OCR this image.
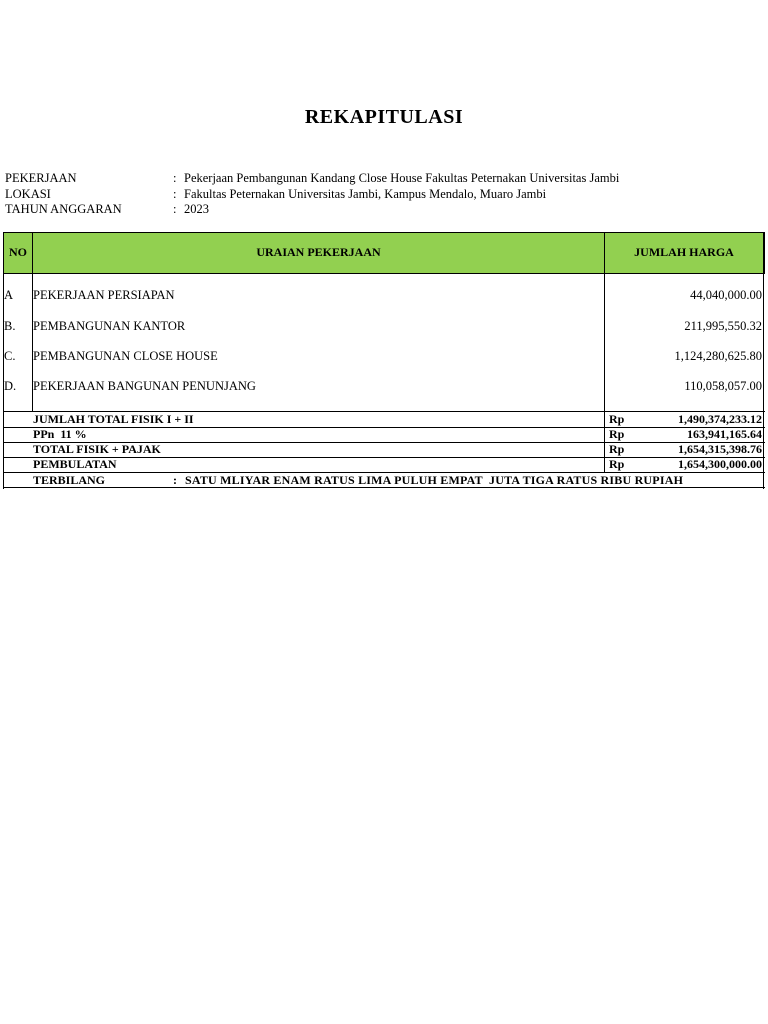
REKAPITULASI
PEKERJAAN	: Pekerjaan Pembangunan Kandang Close House Fakultas Peternakan Universitas Jambi
LOKASI	: Fakultas Peternakan Universitas Jambi, Kampus Mendalo, Muaro Jambi
TAHUN ANGGARAN	: 2023
NO	URAIAN PEKERJAAN	JUMLAH HARGA
A PEKERJAAN PERSIAPAN	44,040,000.00
B. PEMBANGUNAN KANTOR	211,995,550.32
C. PEMBANGUNAN CLOSE HOUSE	1,124,280,625.80
D. PEKERJAAN BANGUNAN PENUNJANG	110,058,057.00
JUMLAH TOTAL FISIK I + II	Rp	1,490,374,233.12
PPn  11 %	Rp	163,941,165.64
TOTAL FISIK + PAJAK	Rp	1,654,315,398.76
PEMBULATAN	Rp	1,654,300,000.00
TERBILANG	: SATU MLIYAR ENAM RATUS LIMA PULUH EMPAT  JUTA TIGA RATUS RIBU RUPIAH
